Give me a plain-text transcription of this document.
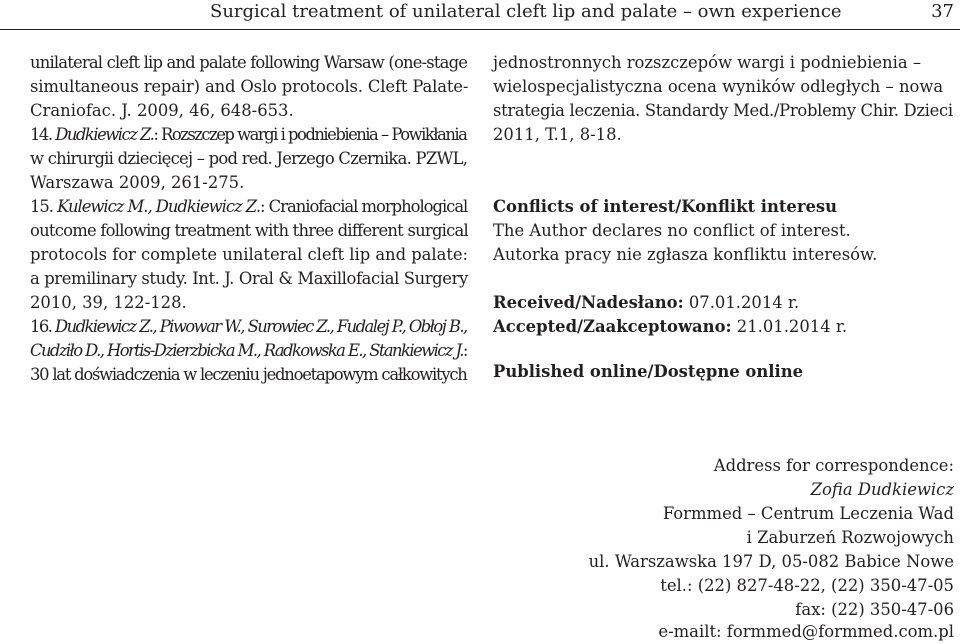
Surgical treatment of unilateral cleft lip and palate – own experience	37
unilateral cleft lip and palate following Warsaw (one-stage
simultaneous repair) and Oslo protocols. Cleft Palate-
Craniofac. J. 2009, 46, 648-653.
14. Dudkiewicz Z.: Rozszczep wargi i podniebienia – Powikłania
w chirurgii dziecięcej – pod red. Jerzego Czernika. PZWL,
Warszawa 2009, 261-275.
15. Kulewicz M., Dudkiewicz Z.: Craniofacial morphological
outcome following treatment with three different surgical
protocols for complete unilateral cleft lip and palate:
a premilinary study. Int. J. Oral & Maxillofacial Surgery
2010, 39, 122-128.
16. Dudkiewicz Z., Piwowar W., Surowiec Z., Fudalej P., Obłoj B.,
Cudziło D., Hortis-Dzierzbicka M., Radkowska E., Stankiewicz J.:
30 lat doświadczenia w leczeniu jednoetapowym całkowitych
jednostronnych rozszczepów wargi i podniebienia –
wielospecjalistyczna ocena wyników odległych – nowa
strategia leczenia. Standardy Med./Problemy Chir. Dzieci
2011, T.1, 8-18.
Conflicts of interest/Konflikt interesu
The Author declares no conflict of interest.
Autorka pracy nie zgłasza konfliktu interesów.
Received/Nadesłano: 07.01.2014 r.
Accepted/Zaakceptowano: 21.01.2014 r.
Published online/Dostępne online
Address for correspondence:
Zofia Dudkiewicz
Formmed – Centrum Leczenia Wad
i Zaburzeń Rozwojowych
ul. Warszawska 197 D, 05-082 Babice Nowe
tel.: (22) 827-48-22, (22) 350-47-05
fax: (22) 350-47-06
e-mailt: formmed@formmed.com.pl
